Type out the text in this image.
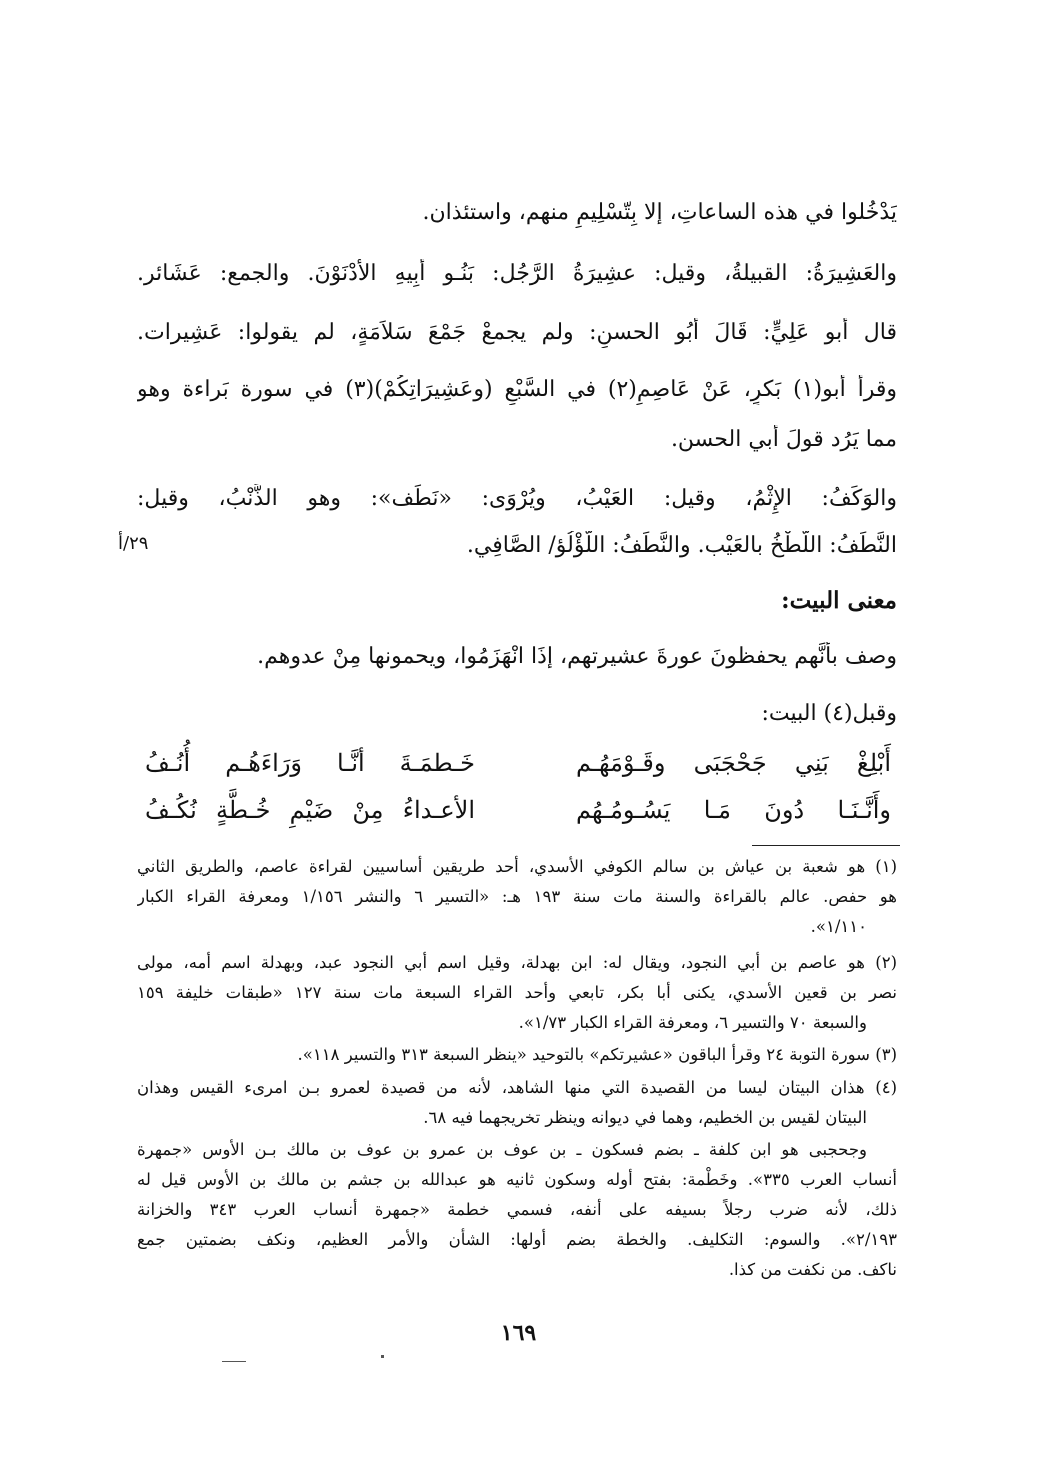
يَدْخُلوا في هذه الساعاتِ، إلا بِتّسْلِيمٍ منهم، واستئذان.
والعَشِيرَةُ: القبيلةُ، وقيل: عشِيرَةُ الرَّجُل: بَنُـو أَبِيهِ الأَدْنَوْنَ. والجمع: عَشَائر.
قال أبو عَلِيٍّ: قَالَ أبُو الحسنِ: ولم يجمعْ جَمْعَ سَلاَمَةٍ، لم يقولوا: عَشِيرات.
وقرأ أبو(١) بَكرٍ، عَنْ عَاصِمٍ(٢) في السَّبْعِ (وعَشِيرَاتِكُمْ)(٣) في سورة بَراءة وهو
مما يَرُد قولَ أبي الحسن.
والوَكَفُ: الإِثْمُ، وقيل: العَيْبُ، ويُرْوَى: «نَطَف»: وهو الذَّنْبُ، وقيل:
النَّطَفُ: اللَّطْخُ بالعَيْب. والنَّطَفُ: اللُّؤْلُؤ/ الصَّافِي.
٢٩/أ
معنى البيت:
وصف بأنَّهم يحفظونَ عورةَ عشيرتهم، إذَا انْهَزَمُوا، ويحمونها مِنْ عدوهم.
وقبل(٤) البيت:
أَبْلِغْ بَنِي جَحْجَبَى وقَـوْمَهُـم
خَـطمَـةَ أنَّـا وَرَاءَهُـم أُنُـفُ
وأَنَّـنَـا دُونَ مَـا يَسُـومُـهُم
الأعـداءُ مِنْ ضَيْمِ خُـطَّةٍ نُكُـفُ
(١) هو شعبة بن عياش بن سالم الكوفي الأسدي، أحد طريقين أساسيين لقراءة عاصم، والطريق الثاني
هو حفص. عالم بالقراءة والسنة مات سنة ١٩٣ هـ: «التسير ٦ والنشر ١/١٥٦ ومعرفة القراء الكبار
١/١١٠».
(٢) هو عاصم بن أبي النجود، ويقال له: ابن بهدلة، وقيل اسم أبي النجود عبد، وبهدلة اسم أمه، مولى
نصر بن قعين الأسدي، يكنى أبا بكر، تابعي وأحد القراء السبعة مات سنة ١٢٧ «طبقات خليفة ١٥٩
والسبعة ٧٠ والتسير ٦، ومعرفة القراء الكبار ١/٧٣».
(٣) سورة التوبة ٢٤ وقرأ الباقون «عشيرتكم» بالتوحيد «ينظر السبعة ٣١٣ والتسير ١١٨».
(٤) هذان البيتان ليسا من القصيدة التي منها الشاهد، لأنه من قصيدة لعمرو بـن امرىء القيس وهذان
البيتان لقيس بن الخطيم، وهما في ديوانه وينظر تخريجهما فيه ٦٨.
وجحجبى هو ابن كلفة ـ بضم فسكون ـ بن عوف بن عمرو بن عوف بن مالك بـن الأوس «جمهرة
أنساب العرب ٣٣٥». وخَطْمة: بفتح أوله وسكون ثانيه هو عبدالله بن جشم بن مالك بن الأوس قيل له
ذلك، لأنه ضرب رجلاً بسيفه على أنفه، فسمي خطمة «جمهرة أنساب العرب ٣٤٣ والخزانة
٢/١٩٣». والسوم: التكليف. والخطة بضم أولها: الشأن والأمر العظيم، ونكف بضمتين جمع
ناكف. من نكفت من كذا.
١٦٩
